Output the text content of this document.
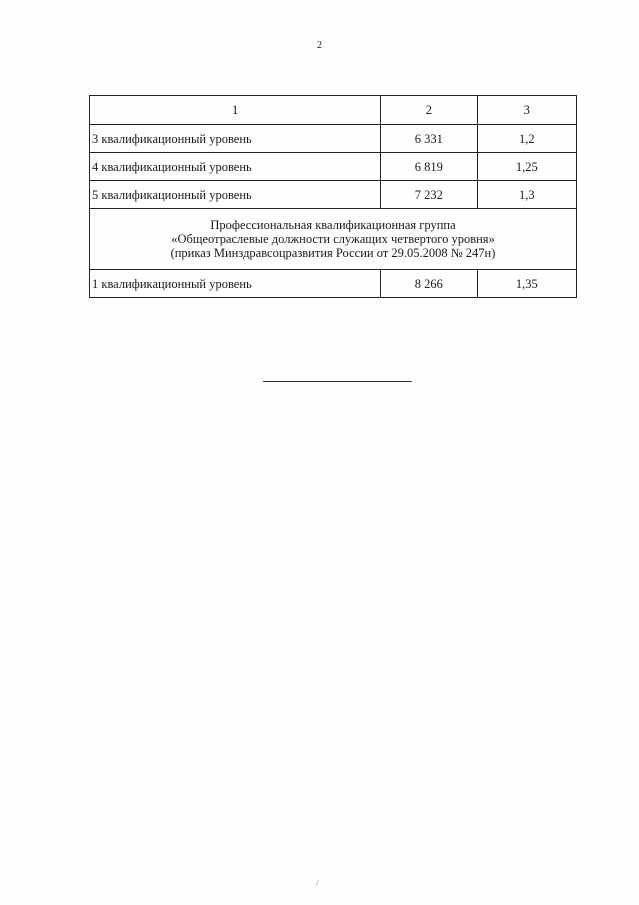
2
1	2	3
3 квалификационный уровень	6 331	1,2
4 квалификационный уровень	6 819	1,25
5 квалификационный уровень	7 232	1,3

Профессиональная квалификационная группа
«Общеотраслевые должности служащих четвертого уровня»
(приказ Минздравсоцразвития России от 29.05.2008 № 247н)		

1 квалификационный уровень	8 266	1,35
/
